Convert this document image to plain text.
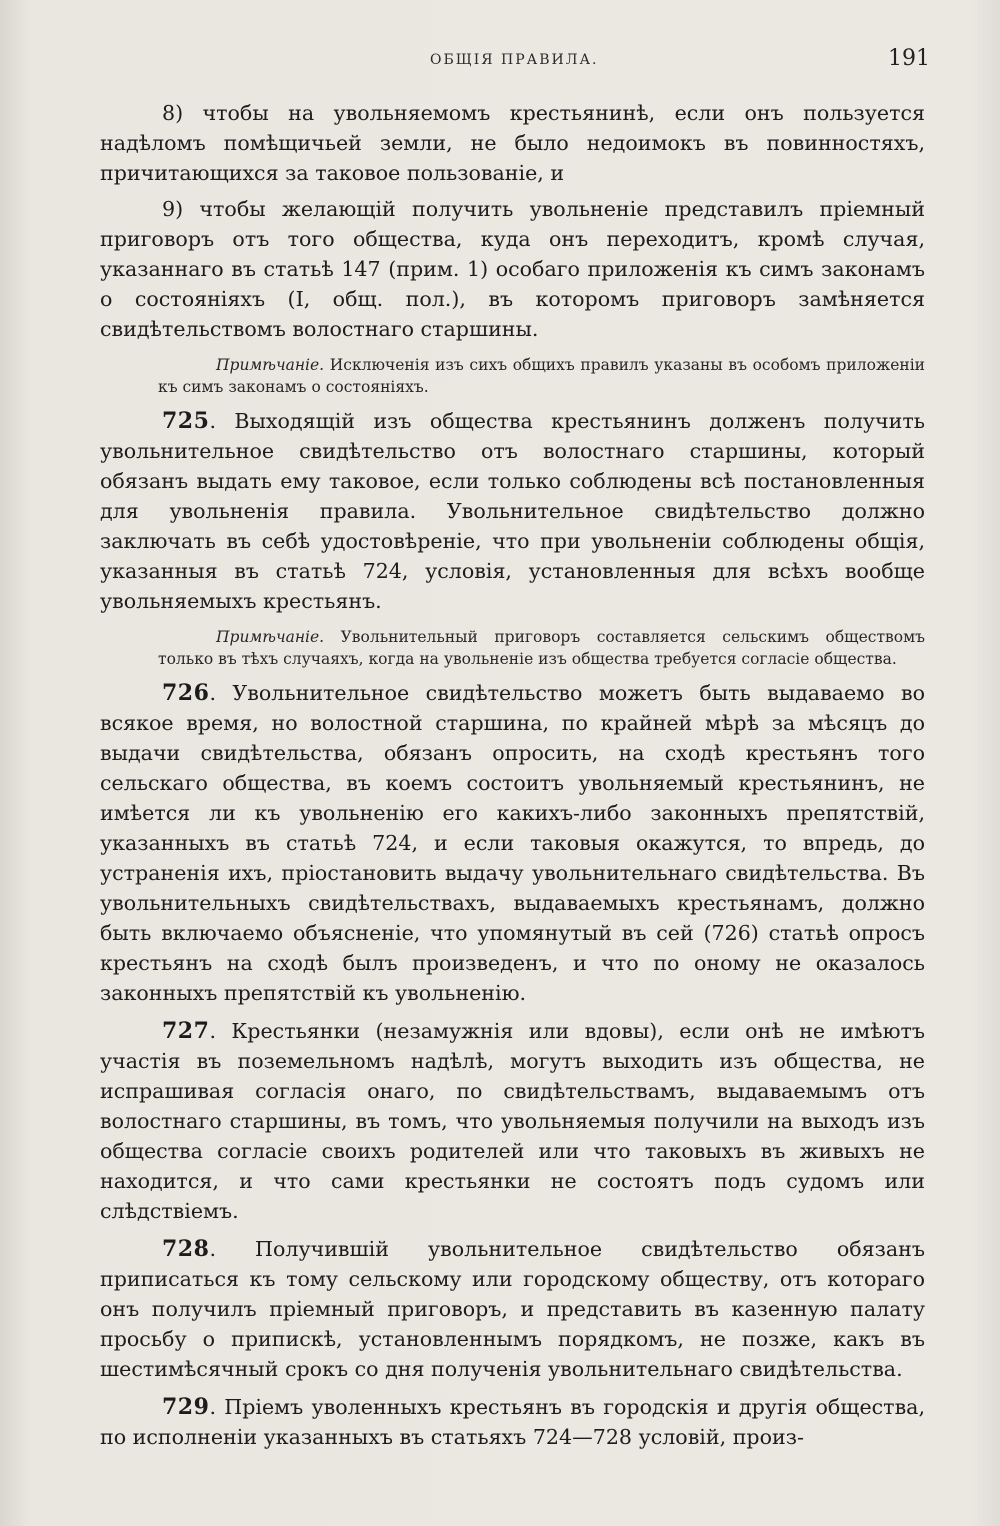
ОБЩІЯ ПРАВИЛА.	191

8) чтобы на увольняемомъ крестьянинѣ, если онъ пользуется надѣломъ помѣщичьей земли, не было недоимокъ въ повинностяхъ, причитающихся за таковое пользованіе, и

9) чтобы желающій получить увольненіе представилъ пріемный приговоръ отъ того общества, куда онъ переходитъ, кромѣ случая, указаннаго въ статьѣ 147 (прим. 1) особаго приложенія къ симъ законамъ о состояніяхъ (I, общ. пол.), въ которомъ приговоръ замѣняется свидѣтельствомъ волостнаго старшины.

Примѣчаніе. Исключенія изъ сихъ общихъ правилъ указаны въ особомъ приложеніи къ симъ законамъ о состояніяхъ.

725. Выходящій изъ общества крестьянинъ долженъ получить увольнительное свидѣтельство отъ волостнаго старшины, который обязанъ выдать ему таковое, если только соблюдены всѣ постановленныя для увольненія правила. Увольнительное свидѣтельство должно заключать въ себѣ удостовѣреніе, что при увольненіи соблюдены общія, указанныя въ статьѣ 724, условія, установленныя для всѣхъ вообще увольняемыхъ крестьянъ.

Примѣчаніе. Увольнительный приговоръ составляется сельскимъ обществомъ только въ тѣхъ случаяхъ, когда на увольненіе изъ общества требуется согласіе общества.

726. Увольнительное свидѣтельство можетъ быть выдаваемо во всякое время, но волостной старшина, по крайней мѣрѣ за мѣсяцъ до выдачи свидѣтельства, обязанъ опросить, на сходѣ крестьянъ того сельскаго общества, въ коемъ состоитъ увольняемый крестьянинъ, не имѣется ли къ увольненію его какихъ-либо законныхъ препятствій, указанныхъ въ статьѣ 724, и если таковыя окажутся, то впредь, до устраненія ихъ, пріостановить выдачу увольнительнаго свидѣтельства. Въ увольнительныхъ свидѣтельствахъ, выдаваемыхъ крестьянамъ, должно быть включаемо объясненіе, что упомянутый въ сей (726) статьѣ опросъ крестьянъ на сходѣ былъ произведенъ, и что по оному не оказалось законныхъ препятствій къ увольненію.

727. Крестьянки (незамужнія или вдовы), если онѣ не имѣютъ участія въ поземельномъ надѣлѣ, могутъ выходить изъ общества, не испрашивая согласія онаго, по свидѣтельствамъ, выдаваемымъ отъ волостнаго старшины, въ томъ, что увольняемыя получили на выходъ изъ общества согласіе своихъ родителей или что таковыхъ въ живыхъ не находится, и что сами крестьянки не состоятъ подъ судомъ или слѣдствіемъ.

728. Получившій увольнительное свидѣтельство обязанъ приписаться къ тому сельскому или городскому обществу, отъ котораго онъ получилъ пріемный приговоръ, и представить въ казенную палату просьбу о припискѣ, установленнымъ порядкомъ, не позже, какъ въ шестимѣсячный срокъ со дня полученія увольнительнаго свидѣтельства.

729. Пріемъ уволенныхъ крестьянъ въ городскія и другія общества, по исполненіи указанныхъ въ статьяхъ 724—728 условій, произ-
